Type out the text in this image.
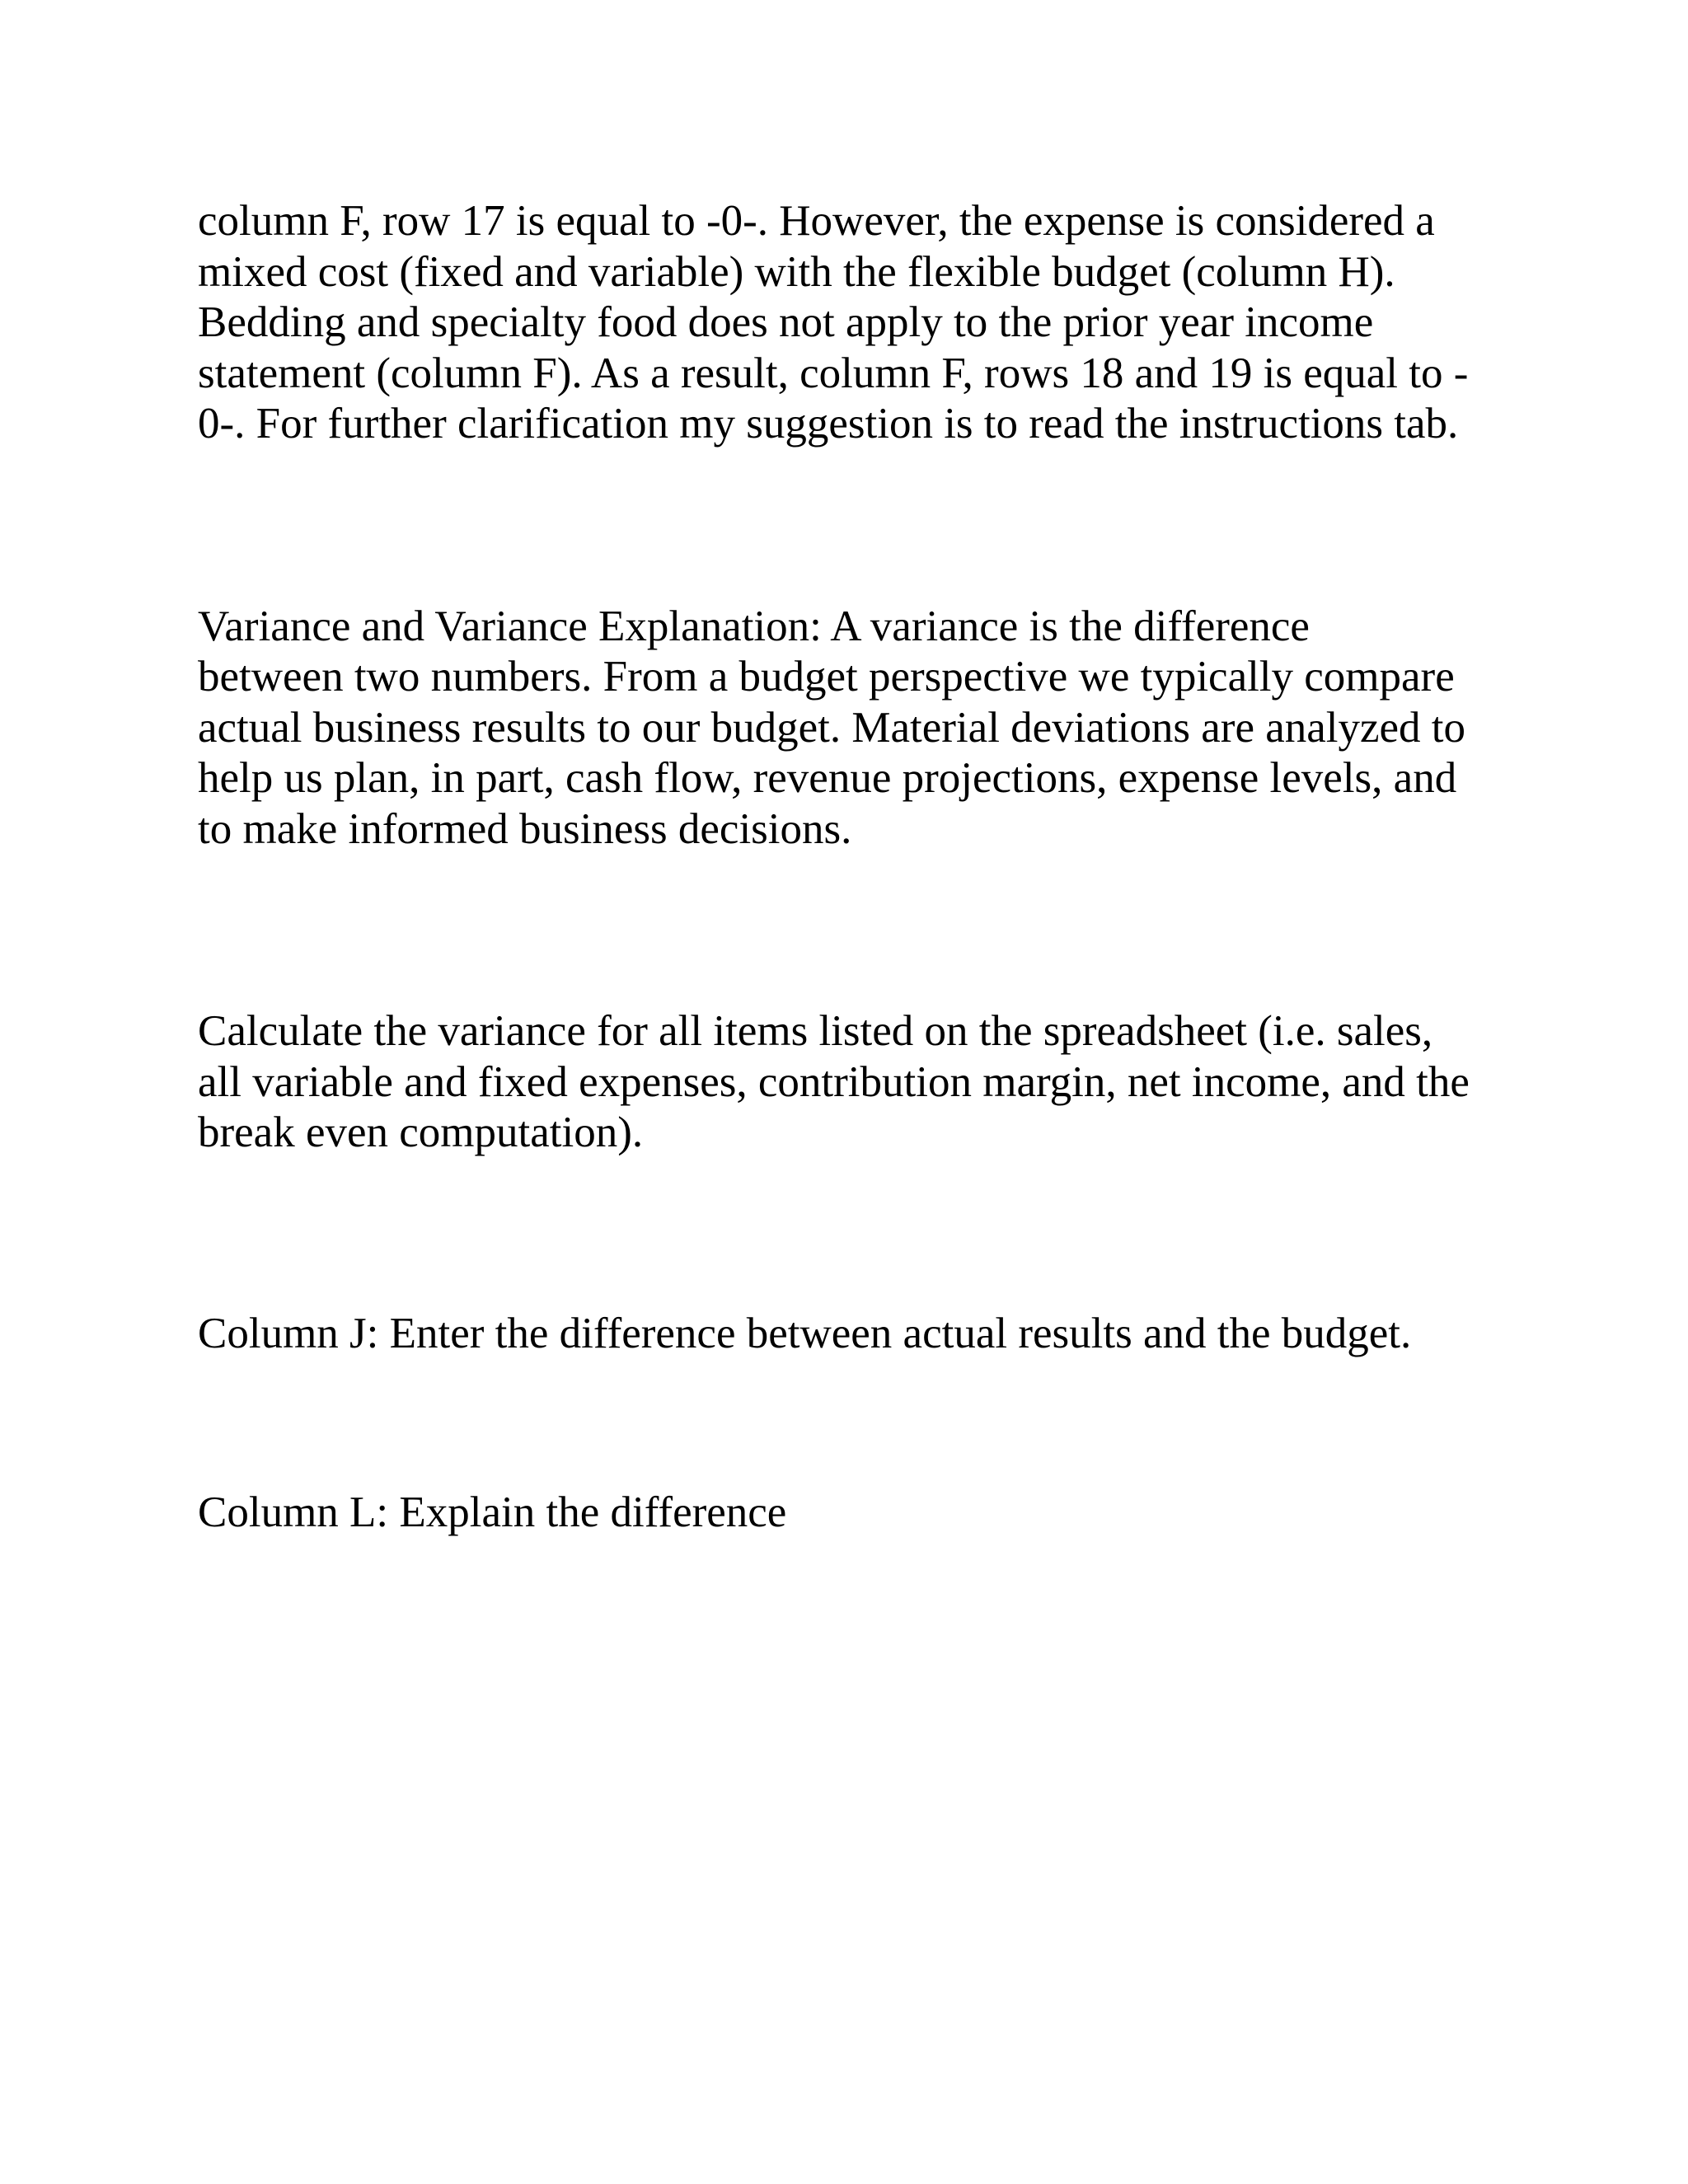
column F, row 17 is equal to -0-. However, the expense is considered a
mixed cost (fixed and variable) with the flexible budget (column H).
Bedding and specialty food does not apply to the prior year income
statement (column F). As a result, column F, rows 18 and 19 is equal to -
0-. For further clarification my suggestion is to read the instructions tab.

Variance and Variance Explanation: A variance is the difference
between two numbers. From a budget perspective we typically compare
actual business results to our budget. Material deviations are analyzed to
help us plan, in part, cash flow, revenue projections, expense levels, and
to make informed business decisions.

Calculate the variance for all items listed on the spreadsheet (i.e. sales,
all variable and fixed expenses, contribution margin, net income, and the
break even computation).

Column J: Enter the difference between actual results and the budget.

Column L: Explain the difference
